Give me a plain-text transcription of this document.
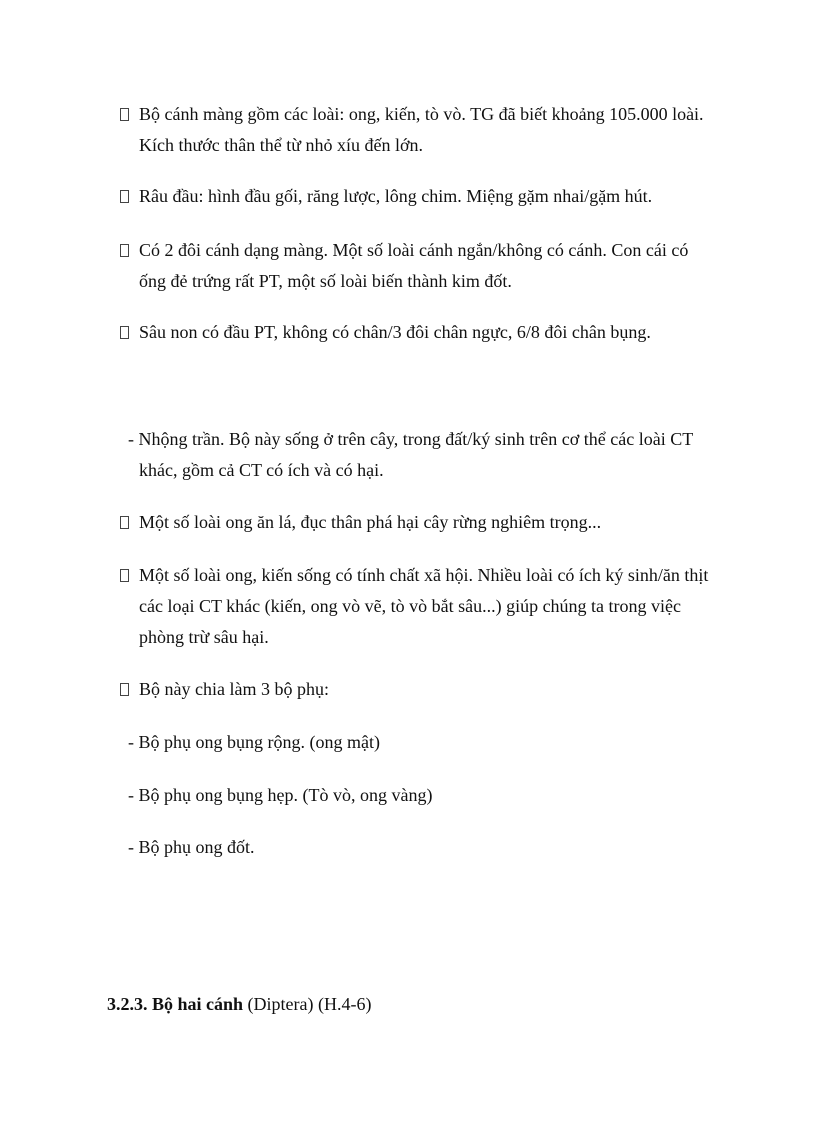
Bộ cánh màng gồm các loài: ong, kiến, tò vò. TG đã biết khoảng 105.000 loài.
Kích thước thân thể từ nhỏ xíu đến lớn.
Râu đầu: hình đầu gối, răng lược, lông chim. Miệng gặm nhai/gặm hút.
Có 2 đôi cánh dạng màng. Một số loài cánh ngắn/không có cánh. Con cái có
ống đẻ trứng rất PT, một số loài biến thành kim đốt.
Sâu non có đầu PT, không có chân/3 đôi chân ngực, 6/8 đôi chân bụng.
- Nhộng trần. Bộ này sống ở trên cây, trong đất/ký sinh trên cơ thể các loài CT
khác, gồm cả CT có ích và có hại.
Một số loài ong ăn lá, đục thân phá hại cây rừng nghiêm trọng...
Một số loài ong, kiến sống có tính chất xã hội. Nhiều loài có ích ký sinh/ăn thịt
các loại CT khác (kiến, ong vò vẽ, tò vò bắt sâu...) giúp chúng ta trong việc
phòng trừ sâu hại.
Bộ này chia làm 3 bộ phụ:
- Bộ phụ ong bụng rộng. (ong mật)
- Bộ phụ ong bụng hẹp. (Tò vò, ong vàng)
- Bộ phụ ong đốt.
3.2.3. Bộ hai cánh (Diptera) (H.4-6)
